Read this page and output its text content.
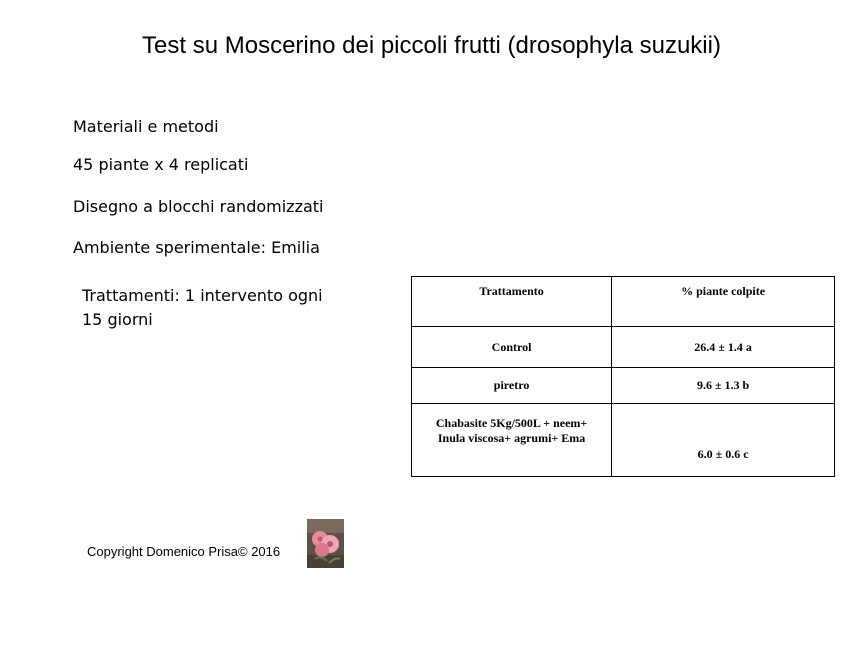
Test su Moscerino dei piccoli frutti (drosophyla suzukii)
Materiali e metodi
45 piante x 4 replicati
Disegno a blocchi randomizzati
Ambiente sperimentale: Emilia
Trattamenti: 1 intervento ogni 15 giorni
Trattamento	% piante colpite
Control	26.4 ± 1.4 a
piretro	9.6 ± 1.3 b

Chabasite 5Kg/500L + neem+
Inula viscosa+ agrumi+ Ema	6.0 ± 0.6 c
Copyright Domenico Prisa© 2016
